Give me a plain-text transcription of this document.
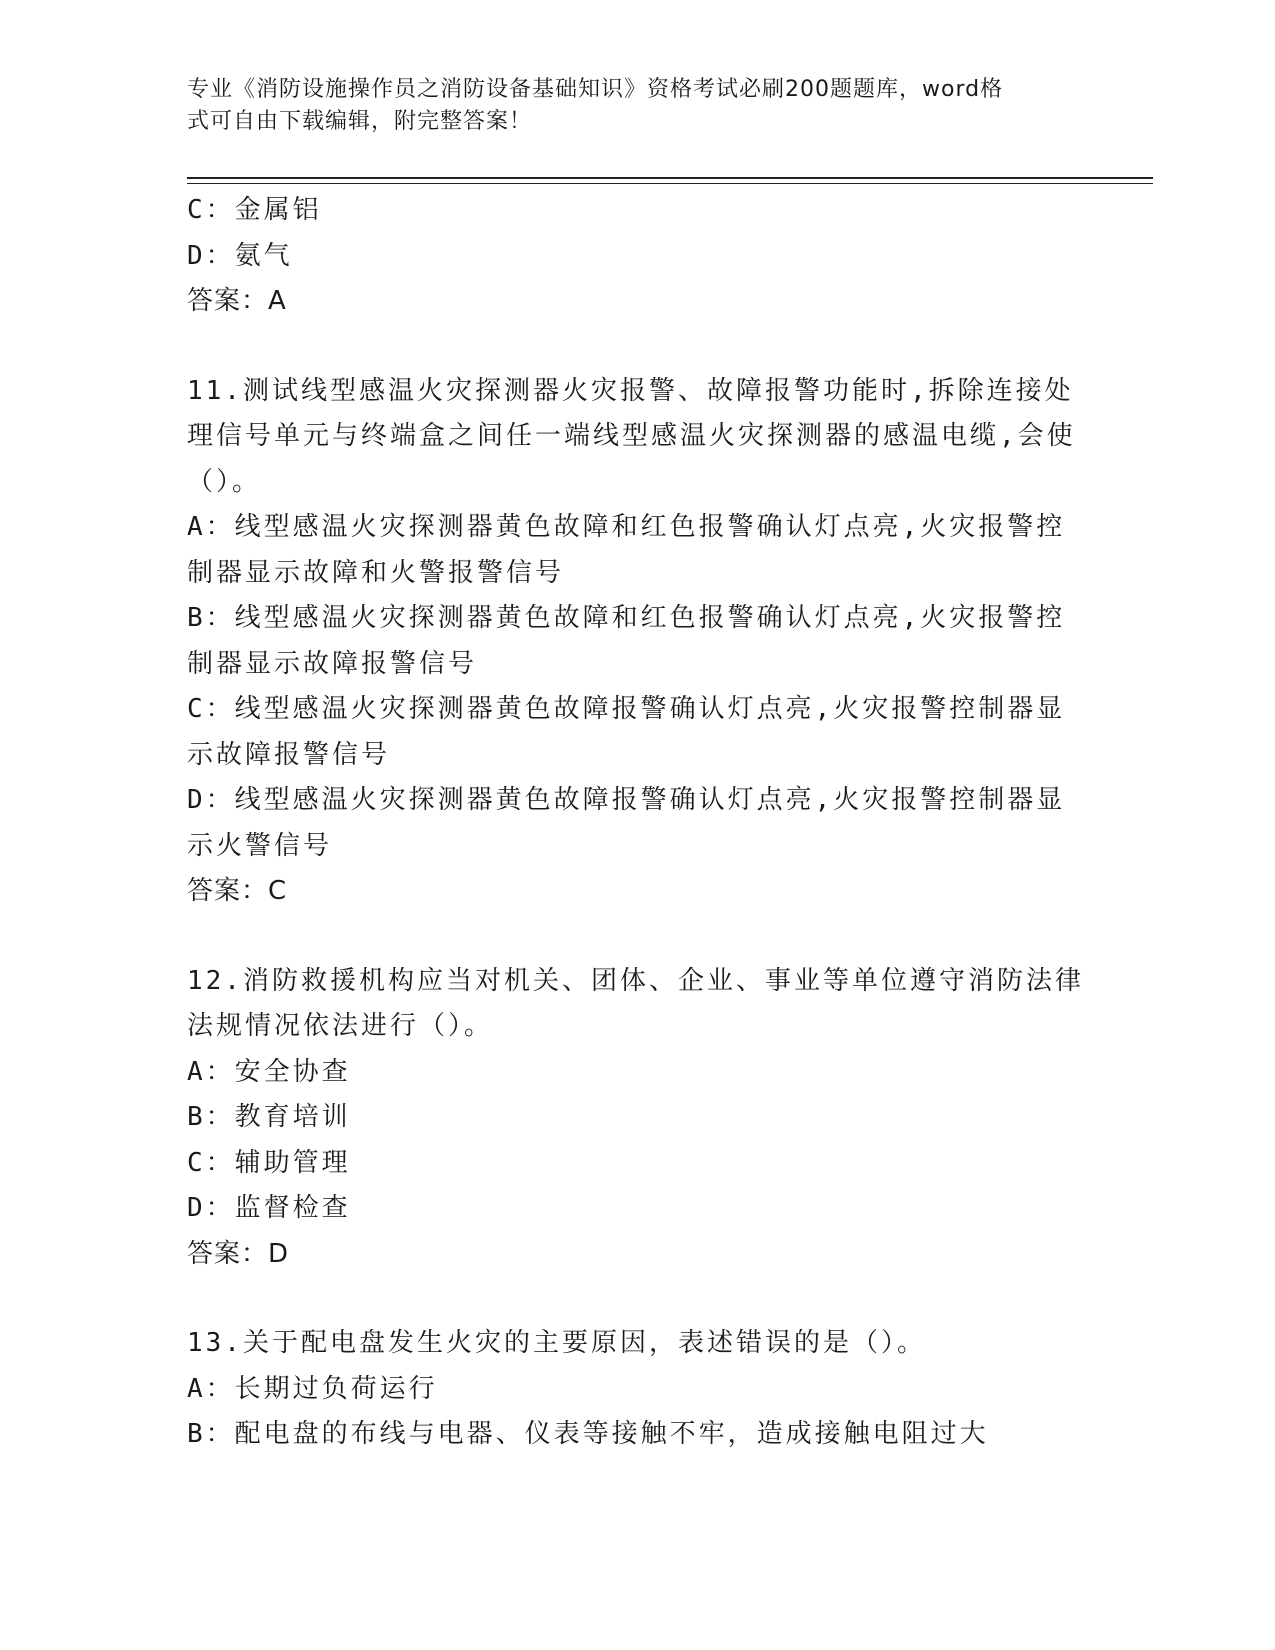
专业《消防设施操作员之消防设备基础知识》资格考试必刷200题题库，word格
式可自由下载编辑，附完整答案！
C：金属铝
D：氨气
答案：A
11.测试线型感温火灾探测器火灾报警、故障报警功能时,拆除连接处
理信号单元与终端盒之间任一端线型感温火灾探测器的感温电缆,会使
（）。
A：线型感温火灾探测器黄色故障和红色报警确认灯点亮,火灾报警控
制器显示故障和火警报警信号
B：线型感温火灾探测器黄色故障和红色报警确认灯点亮,火灾报警控
制器显示故障报警信号
C：线型感温火灾探测器黄色故障报警确认灯点亮,火灾报警控制器显
示故障报警信号
D：线型感温火灾探测器黄色故障报警确认灯点亮,火灾报警控制器显
示火警信号
答案：C
12.消防救援机构应当对机关、团体、企业、事业等单位遵守消防法律
法规情况依法进行（）。
A：安全协查
B：教育培训
C：辅助管理
D：监督检查
答案：D
13.关于配电盘发生火灾的主要原因，表述错误的是（）。
A：长期过负荷运行
B：配电盘的布线与电器、仪表等接触不牢，造成接触电阻过大
